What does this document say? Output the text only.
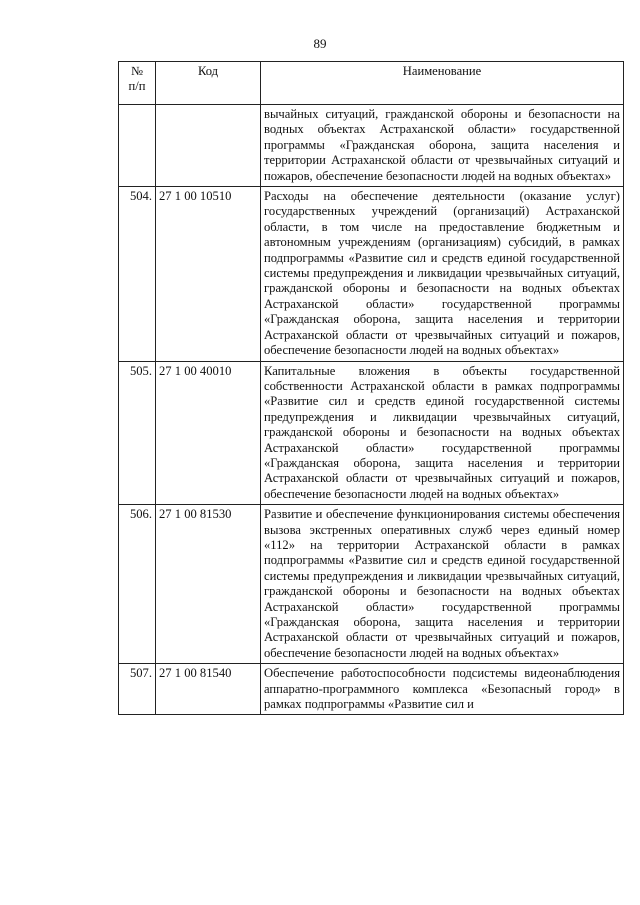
89
№
п/п	Код	Наименование
		вычайных ситуаций, гражданской обороны и безопасности на водных объектах Астраханской области» государственной программы «Гражданская оборона, защита населения и территории Астраханской области от чрезвычайных ситуаций и пожаров, обеспечение безопасности людей на водных объектах»
504.	27 1 00 10510	Расходы на обеспечение деятельности (оказание услуг) государственных учреждений (организаций) Астраханской области, в том числе на предоставление бюджетным и автономным учреждениям (организациям) субсидий, в рамках подпрограммы «Развитие сил и средств единой государственной системы предупреждения и ликвидации чрезвычайных ситуаций, гражданской обороны и безопасности на водных объектах Астраханской области» государственной программы «Гражданская оборона, защита населения и территории Астраханской области от чрезвычайных ситуаций и пожаров, обеспечение безопасности людей на водных объектах»
505.	27 1 00 40010	Капитальные вложения в объекты государственной собственности Астраханской области в рамках подпрограммы «Развитие сил и средств единой государственной системы предупреждения и ликвидации чрезвычайных ситуаций, гражданской обороны и безопасности на водных объектах Астраханской области» государственной программы «Гражданская оборона, защита населения и территории Астраханской области от чрезвычайных ситуаций и пожаров, обеспечение безопасности людей на водных объектах»
506.	27 1 00 81530	Развитие и обеспечение функционирования системы обеспечения вызова экстренных оперативных служб через единый номер «112» на территории Астраханской области в рамках подпрограммы «Развитие сил и средств единой государственной системы предупреждения и ликвидации чрезвычайных ситуаций, гражданской обороны и безопасности на водных объектах Астраханской области» государственной программы «Гражданская оборона, защита населения и территории Астраханской области от чрезвычайных ситуаций и пожаров, обеспечение безопасности людей на водных объектах»
507.	27 1 00 81540	Обеспечение работоспособности подсистемы видеонаблюдения аппаратно-программного комплекса «Безопасный город» в рамках подпрограммы «Развитие сил и
